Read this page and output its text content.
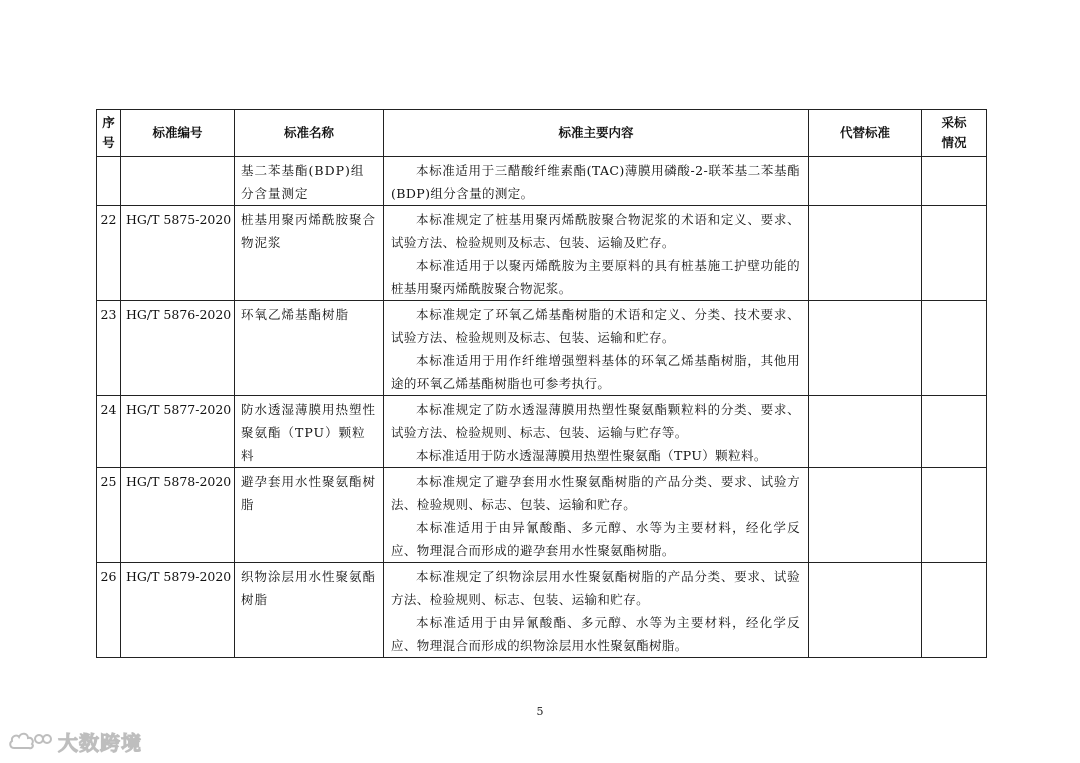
序号	标准编号	标准名称	标准主要内容	代替标准	采标情况
		基二苯基酯(BDP)组分含量测定	本标准适用于三醋酸纤维素酯(TAC)薄膜用磷酸-2-联苯基二苯基酯(BDP)组分含量的测定。		

22	HG/T 5875-2020	桩基用聚丙烯酰胺聚合物泥浆	本标准规定了桩基用聚丙烯酰胺聚合物泥浆的术语和定义、要求、试验方法、检验规则及标志、包装、运输及贮存。
本标准适用于以聚丙烯酰胺为主要原料的具有桩基施工护壁功能的桩基用聚丙烯酰胺聚合物泥浆。		

23	HG/T 5876-2020	环氧乙烯基酯树脂	本标准规定了环氧乙烯基酯树脂的术语和定义、分类、技术要求、试验方法、检验规则及标志、包装、运输和贮存。
本标准适用于用作纤维增强塑料基体的环氧乙烯基酯树脂，其他用途的环氧乙烯基酯树脂也可参考执行。		

24	HG/T 5877-2020	防水透湿薄膜用热塑性聚氨酯（TPU）颗粒料	本标准规定了防水透湿薄膜用热塑性聚氨酯颗粒料的分类、要求、试验方法、检验规则、标志、包装、运输与贮存等。
本标准适用于防水透湿薄膜用热塑性聚氨酯（TPU）颗粒料。		

25	HG/T 5878-2020	避孕套用水性聚氨酯树脂	本标准规定了避孕套用水性聚氨酯树脂的产品分类、要求、试验方法、检验规则、标志、包装、运输和贮存。
本标准适用于由异氰酸酯、多元醇、水等为主要材料，经化学反应、物理混合而形成的避孕套用水性聚氨酯树脂。		

26	HG/T 5879-2020	织物涂层用水性聚氨酯树脂	本标准规定了织物涂层用水性聚氨酯树脂的产品分类、要求、试验方法、检验规则、标志、包装、运输和贮存。
本标准适用于由异氰酸酯、多元醇、水等为主要材料，经化学反应、物理混合而形成的织物涂层用水性聚氨酯树脂。		

5
大数跨境
